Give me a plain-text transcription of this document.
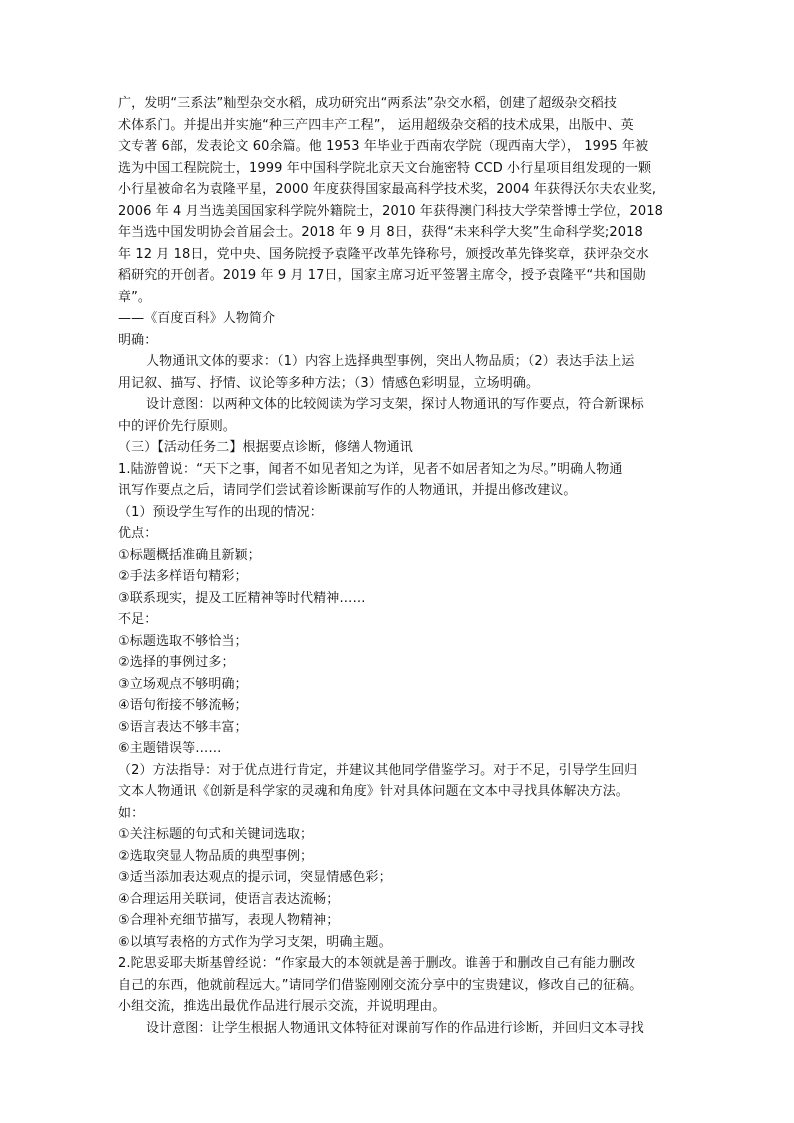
广，发明“三系法”籼型杂交水稻，成功研究出“两系法”杂交水稻，创建了超级杂交稻技
术体系门。并提出并实施“种三产四丰产工程”， 运用超级杂交稻的技术成果，出版中、英
文专著 6部，发表论文 60余篇。他 1953 年毕业于西南农学院（现西南大学）， 1995 年被
选为中国工程院院士，1999 年中国科学院北京天文台施密特 CCD 小行星项目组发现的一颗
小行星被命名为袁隆平星，2000 年度获得国家最高科学技术奖，2004 年获得沃尔夫农业奖,
2006 年 4 月当选美国国家科学院外籍院士，2010 年获得澳门科技大学荣誉博士学位，2018
年当选中国发明协会首届会士。2018 年 9 月 8日，获得“未来科学大奖”生命科学奖;2018
年 12 月 18日，党中央、国务院授予袁隆平改革先锋称号，颁授改革先锋奖章，获评杂交水
稻研究的开创者。2019 年 9 月 17日，国家主席习近平签署主席令，授予袁隆平“共和国勋
章”。
——《百度百科》人物简介
明确：
人物通讯文体的要求：（1）内容上选择典型事例，突出人物品质；（2）表达手法上运
用记叙、描写、抒情、议论等多种方法；（3）情感色彩明显，立场明确。
设计意图：以两种文体的比较阅读为学习支架，探讨人物通讯的写作要点，符合新课标
中的评价先行原则。
（三）【活动任务二】根据要点诊断，修缮人物通讯
1.陆游曾说：“天下之事，闻者不如见者知之为详，见者不如居者知之为尽。”明确人物通
讯写作要点之后，请同学们尝试着诊断课前写作的人物通讯，并提出修改建议。
（1）预设学生写作的出现的情况：
优点：
①标题概括准确且新颖；
②手法多样语句精彩；
③联系现实，提及工匠精神等时代精神……
不足：
①标题选取不够恰当；
②选择的事例过多；
③立场观点不够明确；
④语句衔接不够流畅；
⑤语言表达不够丰富；
⑥主题错误等……
（2）方法指导：对于优点进行肯定，并建议其他同学借鉴学习。对于不足，引导学生回归
文本人物通讯《创新是科学家的灵魂和角度》针对具体问题在文本中寻找具体解决方法。
如：
①关注标题的句式和关键词选取；
②选取突显人物品质的典型事例；
③适当添加表达观点的提示词，突显情感色彩；
④合理运用关联词，使语言表达流畅；
⑤合理补充细节描写，表现人物精神；
⑥以填写表格的方式作为学习支架，明确主题。
2.陀思妥耶夫斯基曾经说：“作家最大的本领就是善于删改。谁善于和删改自己有能力删改
自己的东西，他就前程远大。”请同学们借鉴刚刚交流分享中的宝贵建议，修改自己的征稿。
小组交流，推选出最优作品进行展示交流，并说明理由。
设计意图：让学生根据人物通讯文体特征对课前写作的作品进行诊断，并回归文本寻找
